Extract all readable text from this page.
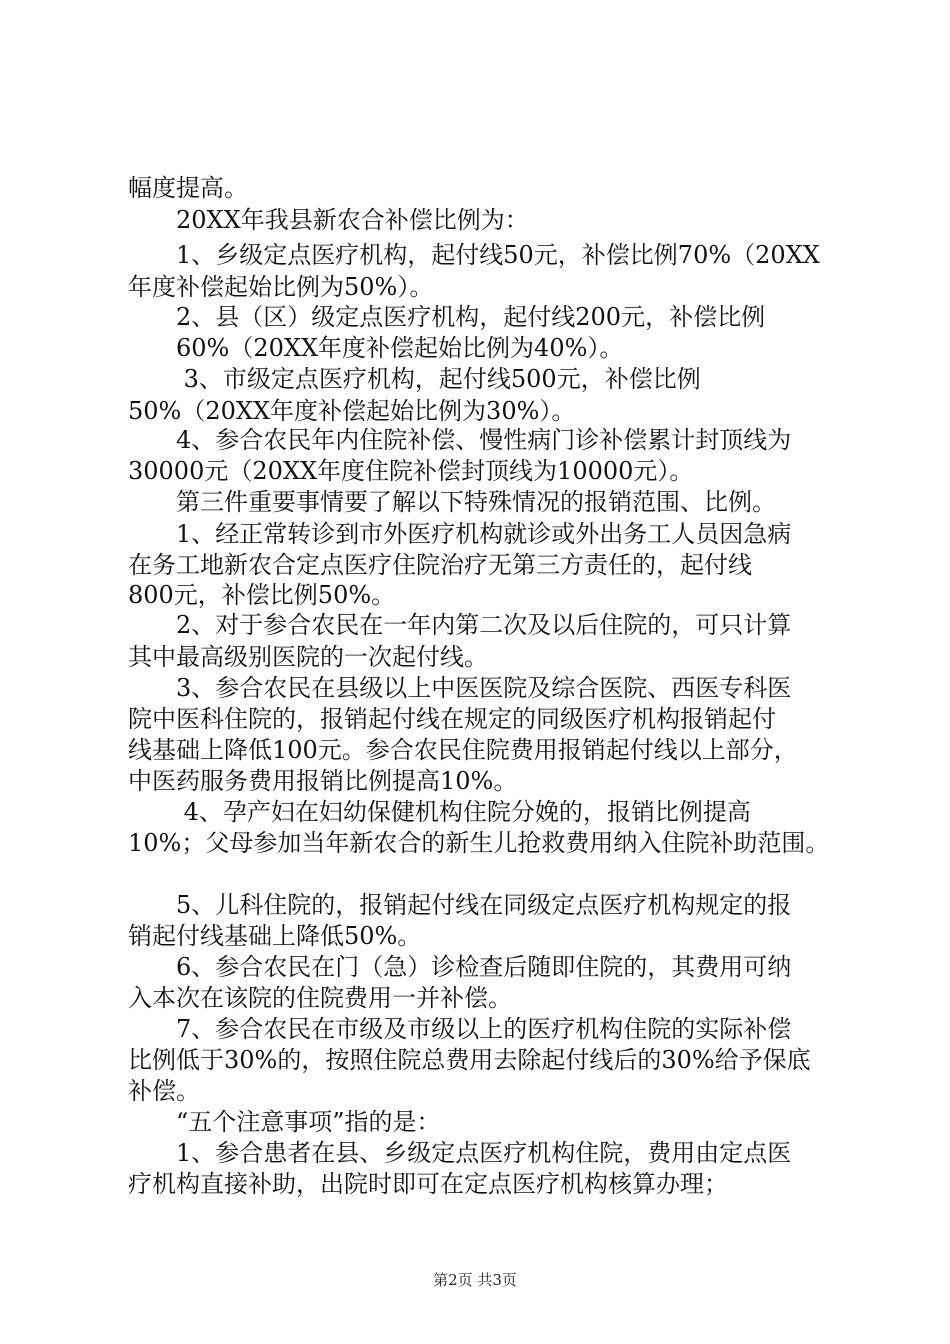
幅度提高。
　　20XX年我县新农合补偿比例为：
　　1、乡级定点医疗机构，起付线50元，补偿比例70%（20XX
年度补偿起始比例为50%）。
　　2、县（区）级定点医疗机构，起付线200元，补偿比例
　　60%（20XX年度补偿起始比例为40%）。
　　 3、市级定点医疗机构，起付线500元，补偿比例
50%（20XX年度补偿起始比例为30%）。
　　4、参合农民年内住院补偿、慢性病门诊补偿累计封顶线为
30000元（20XX年度住院补偿封顶线为10000元）。
　　第三件重要事情要了解以下特殊情况的报销范围、比例。
　　1、经正常转诊到市外医疗机构就诊或外出务工人员因急病
在务工地新农合定点医疗住院治疗无第三方责任的，起付线
800元，补偿比例50%。
　　2、对于参合农民在一年内第二次及以后住院的，可只计算
其中最高级别医院的一次起付线。
　　3、参合农民在县级以上中医医院及综合医院、西医专科医
院中医科住院的，报销起付线在规定的同级医疗机构报销起付
线基础上降低100元。参合农民住院费用报销起付线以上部分，
中医药服务费用报销比例提高10%。
　　 4、孕产妇在妇幼保健机构住院分娩的，报销比例提高
10%；父母参加当年新农合的新生儿抢救费用纳入住院补助范围。
　　5、儿科住院的，报销起付线在同级定点医疗机构规定的报
销起付线基础上降低50%。
　　6、参合农民在门（急）诊检查后随即住院的，其费用可纳
入本次在该院的住院费用一并补偿。
　　7、参合农民在市级及市级以上的医疗机构住院的实际补偿
比例低于30%的，按照住院总费用去除起付线后的30%给予保底
补偿。
　　“五个注意事项”指的是：
　　1、参合患者在县、乡级定点医疗机构住院，费用由定点医
疗机构直接补助，出院时即可在定点医疗机构核算办理；
第2页 共3页
